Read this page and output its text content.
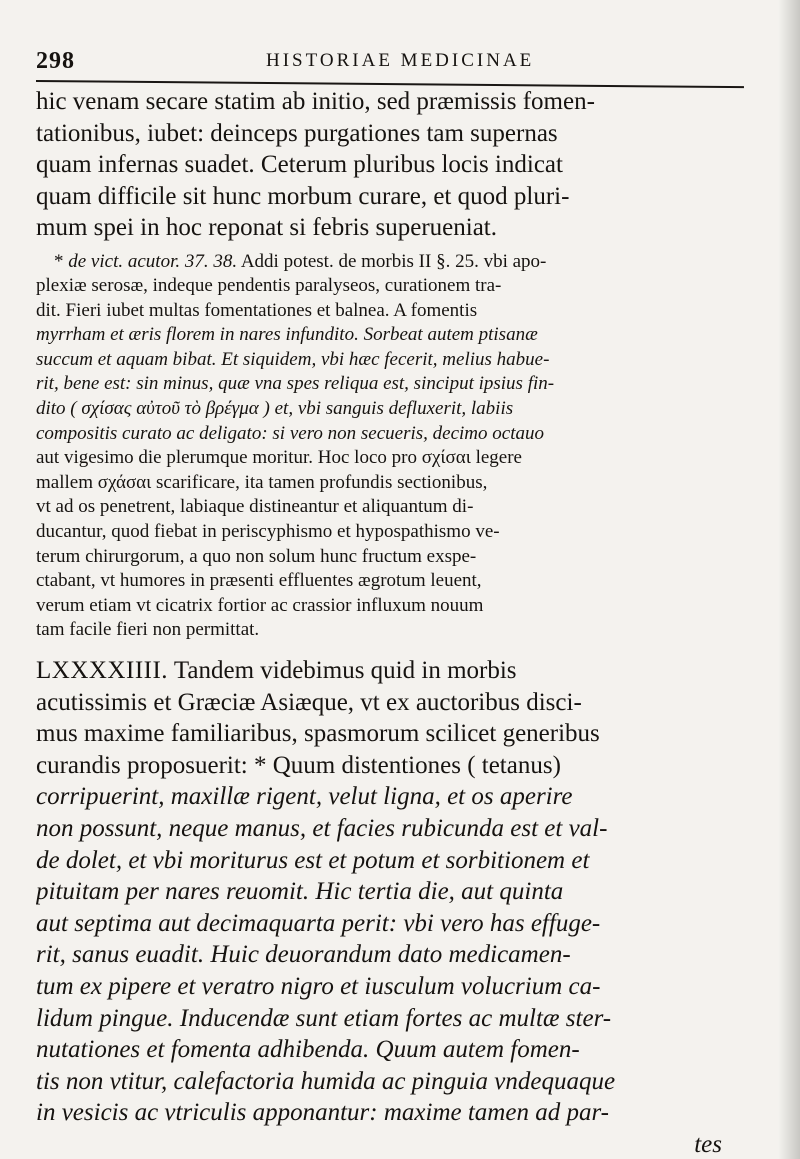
298	HISTORIAE MEDICINAE
hic venam secare statim ab initio, sed præmissis fomen-
tationibus, iubet: deinceps purgationes tam supernas
quam infernas suadet. Ceterum pluribus locis indicat
quam difficile sit hunc morbum curare, et quod pluri-
mum spei in hoc reponat si febris superueniat.
* de vict. acutor. 37. 38. Addi potest. de morbis II §. 25. vbi apo-
plexiæ serosæ, indeque pendentis paralyseos, curationem tra-
dit. Fieri iubet multas fomentationes et balnea. A fomentis
myrrham et æris florem in nares infundito. Sorbeat autem ptisanæ
succum et aquam bibat. Et siquidem, vbi hæc fecerit, melius habue-
rit, bene est: sin minus, quæ vna spes reliqua est, sinciput ipsius fin-
dito ( σχίσας αὐτοῦ τὸ βρέγμα ) et, vbi sanguis defluxerit, labiis
compositis curato ac deligato: si vero non secueris, decimo octauo
aut vigesimo die plerumque moritur. Hoc loco pro σχίσαι legere
mallem σχάσαι scarificare, ita tamen profundis sectionibus,
vt ad os penetrent, labiaque distineantur et aliquantum di-
ducantur, quod fiebat in periscyphismo et hypospathismo ve-
terum chirurgorum, a quo non solum hunc fructum exspe-
ctabant, vt humores in præsenti effluentes ægrotum leuent,
verum etiam vt cicatrix fortior ac crassior influxum nouum
tam facile fieri non permittat.
LXXXXIIII. Tandem videbimus quid in morbis
acutissimis et Græciæ Asiæque, vt ex auctoribus disci-
mus maxime familiaribus, spasmorum scilicet generibus
curandis proposuerit: * Quum distentiones ( tetanus)
corripuerint, maxillæ rigent, velut ligna, et os aperire
non possunt, neque manus, et facies rubicunda est et val-
de dolet, et vbi moriturus est et potum et sorbitionem et
pituitam per nares reuomit. Hic tertia die, aut quinta
aut septima aut decimaquarta perit: vbi vero has effuge-
rit, sanus euadit. Huic deuorandum dato medicamen-
tum ex pipere et veratro nigro et iusculum volucrium ca-
lidum pingue. Inducendæ sunt etiam fortes ac multæ ster-
nutationes et fomenta adhibenda. Quum autem fomen-
tis non vtitur, calefactoria humida ac pinguia vndequaque
in vesicis ac vtriculis apponantur: maxime tamen ad par-
tes
